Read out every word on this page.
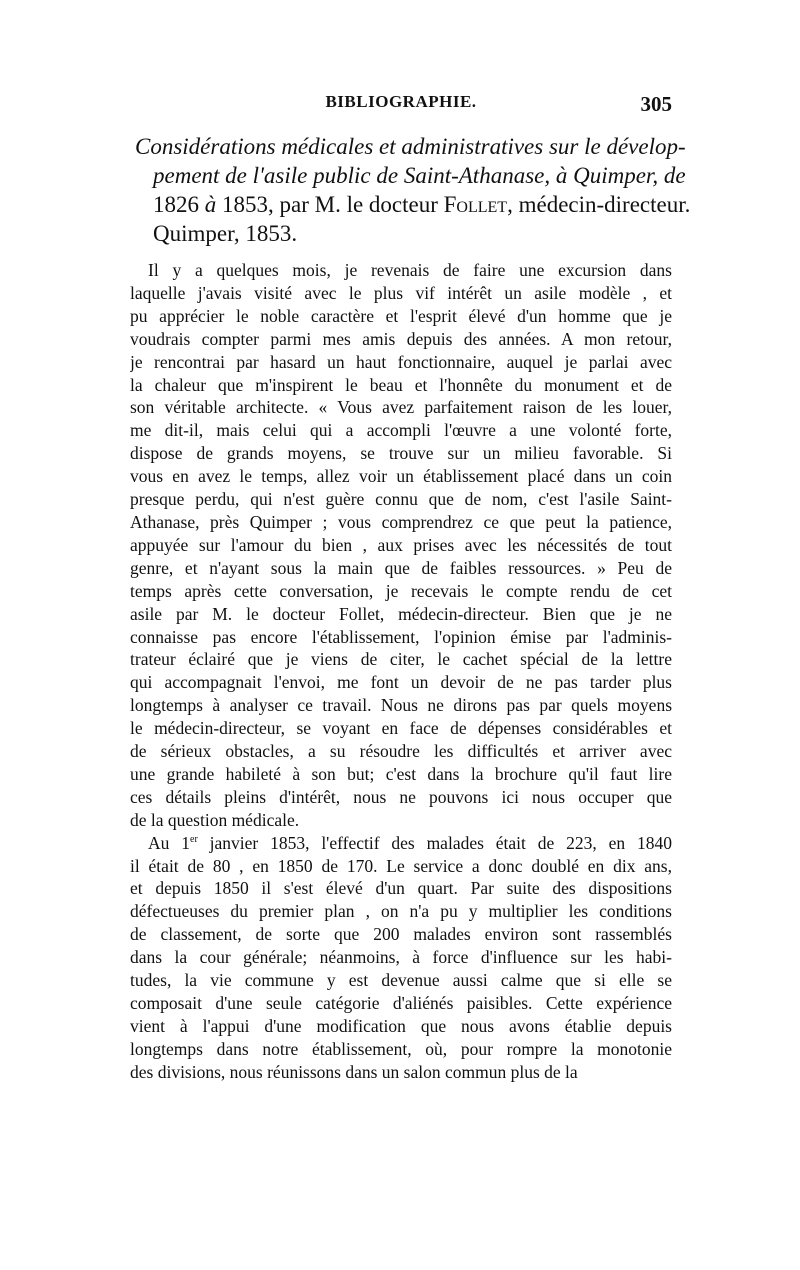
BIBLIOGRAPHIE.	305
Considérations médicales et administratives sur le dévelop-
pement de l'asile public de Saint-Athanase, à Quimper, de
1826 à 1853, par M. le docteur Follet, médecin-directeur.
Quimper, 1853.
Il y a quelques mois, je revenais de faire une excursion dans
laquelle j'avais visité avec le plus vif intérêt un asile modèle , et
pu apprécier le noble caractère et l'esprit élevé d'un homme que je
voudrais compter parmi mes amis depuis des années. A mon retour,
je rencontrai par hasard un haut fonctionnaire, auquel je parlai avec
la chaleur que m'inspirent le beau et l'honnête du monument et de
son véritable architecte. « Vous avez parfaitement raison de les louer,
me dit-il, mais celui qui a accompli l'œuvre a une volonté forte,
dispose de grands moyens, se trouve sur un milieu favorable. Si
vous en avez le temps, allez voir un établissement placé dans un coin
presque perdu, qui n'est guère connu que de nom, c'est l'asile Saint-
Athanase, près Quimper ; vous comprendrez ce que peut la patience,
appuyée sur l'amour du bien , aux prises avec les nécessités de tout
genre, et n'ayant sous la main que de faibles ressources. » Peu de
temps après cette conversation, je recevais le compte rendu de cet
asile par M. le docteur Follet, médecin-directeur. Bien que je ne
connaisse pas encore l'établissement, l'opinion émise par l'adminis-
trateur éclairé que je viens de citer, le cachet spécial de la lettre
qui accompagnait l'envoi, me font un devoir de ne pas tarder plus
longtemps à analyser ce travail. Nous ne dirons pas par quels moyens
le médecin-directeur, se voyant en face de dépenses considérables et
de sérieux obstacles, a su résoudre les difficultés et arriver avec
une grande habileté à son but; c'est dans la brochure qu'il faut lire
ces détails pleins d'intérêt, nous ne pouvons ici nous occuper que
de la question médicale.
Au 1er janvier 1853, l'effectif des malades était de 223, en 1840
il était de 80 , en 1850 de 170. Le service a donc doublé en dix ans,
et depuis 1850 il s'est élevé d'un quart. Par suite des dispositions
défectueuses du premier plan , on n'a pu y multiplier les conditions
de classement, de sorte que 200 malades environ sont rassemblés
dans la cour générale; néanmoins, à force d'influence sur les habi-
tudes, la vie commune y est devenue aussi calme que si elle se
composait d'une seule catégorie d'aliénés paisibles. Cette expérience
vient à l'appui d'une modification que nous avons établie depuis
longtemps dans notre établissement, où, pour rompre la monotonie
des divisions, nous réunissons dans un salon commun plus de la
